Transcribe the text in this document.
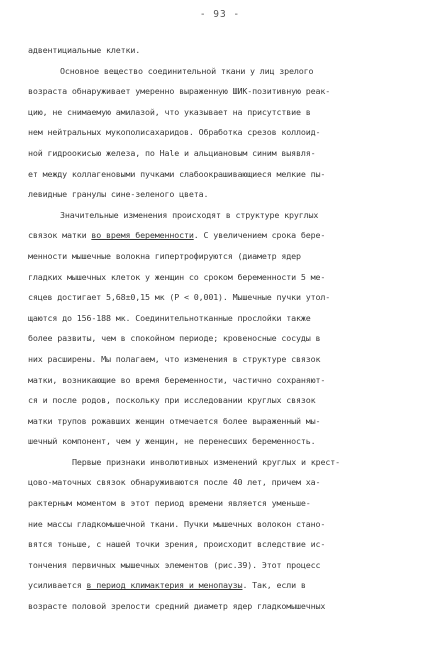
- 93 -
адвентициальные клетки.
Основное вещество соединительной ткани у лиц зрелого
возраста обнаруживает умеренно выраженную ШИК-позитивную реак-
цию, не снимаемую амилазой, что указывает на присутствие в
нем нейтральных мукополисахаридов. Обработка срезов коллоид-
ной гидроокисью железа, по Hale и альциановым синим выявля-
ет между коллагеновыми пучками слабоокрашивающиеся мелкие пы-
левидные гранулы сине-зеленого цвета.
Значительные изменения происходят в структуре круглых
связок матки во время беременности. С увеличением срока бере-
менности мышечные волокна гипертрофируются (диаметр ядер
гладких мышечных клеток у женщин со сроком беременности 5 ме-
сяцев достигает 5,68±0,15 мк (Р < 0,001). Мышечные пучки утол-
щаются до 156-188 мк. Соединительнотканные прослойки также
более развиты, чем в спокойном периоде; кровеносные сосуды в
них расширены. Мы полагаем, что изменения в структуре связок
матки, возникающие во время беременности, частично сохраняют-
ся и после родов, поскольку при исследовании круглых связок
матки трупов рожавших женщин отмечается более выраженный мы-
шечный компонент, чем у женщин, не перенесших беременность.
Первые признаки инволютивных изменений круглых и крест-
цово-маточных связок обнаруживаются после 40 лет, причем ха-
рактерным моментом в этот период времени является уменьше-
ние массы гладкомышечной ткани. Пучки мышечных волокон стано-
вятся тоньше, с нашей точки зрения, происходит вследствие ис-
тончения первичных мышечных элементов (рис.39). Этот процесс
усиливается в период климактерия и менопаузы. Так, если в
возрасте половой зрелости средний диаметр ядер гладкомышечных
